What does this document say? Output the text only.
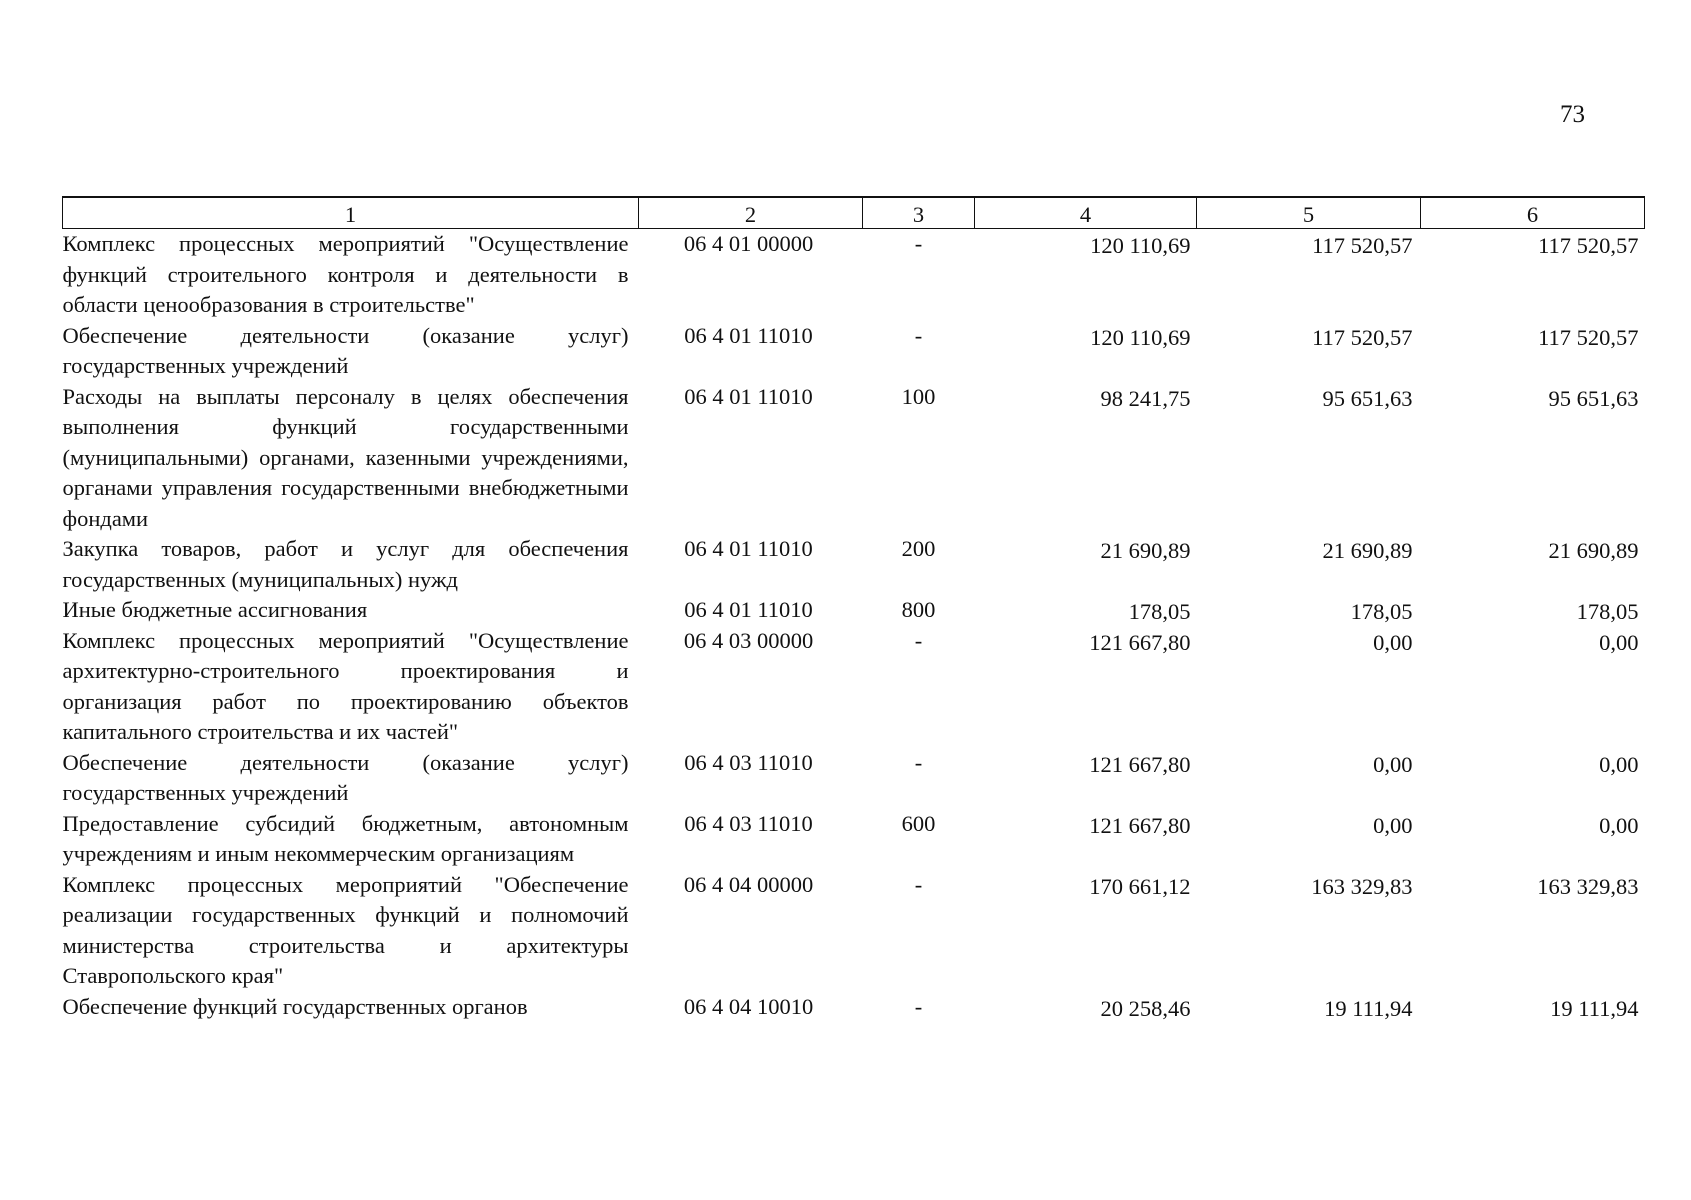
73
1	2	3	4	5	6
Комплекс процессных мероприятий "Осуществление функций строительного контроля и деятельности в области ценообразования в строительстве"	06 4 01 00000	-	120 110,69	117 520,57	117 520,57
Обеспечение деятельности (оказание услуг) государственных учреждений	06 4 01 11010	-	120 110,69	117 520,57	117 520,57
Расходы на выплаты персоналу в целях обеспечения выполнения функций государственными (муниципальными) органами, казенными учреждениями, органами управления государственными внебюджетными фондами	06 4 01 11010	100	98 241,75	95 651,63	95 651,63
Закупка товаров, работ и услуг для обеспечения государственных (муниципальных) нужд	06 4 01 11010	200	21 690,89	21 690,89	21 690,89
Иные бюджетные ассигнования	06 4 01 11010	800	178,05	178,05	178,05
Комплекс процессных мероприятий "Осуществление архитектурно-строительного проектирования и организация работ по проектированию объектов капитального строительства и их частей"	06 4 03 00000	-	121 667,80	0,00	0,00
Обеспечение деятельности (оказание услуг) государственных учреждений	06 4 03 11010	-	121 667,80	0,00	0,00
Предоставление субсидий бюджетным, автономным учреждениям и иным некоммерческим организациям	06 4 03 11010	600	121 667,80	0,00	0,00
Комплекс процессных мероприятий "Обеспечение реализации государственных функций и полномочий министерства строительства и архитектуры Ставропольского края"	06 4 04 00000	-	170 661,12	163 329,83	163 329,83
Обеспечение функций государственных органов	06 4 04 10010	-	20 258,46	19 111,94	19 111,94
